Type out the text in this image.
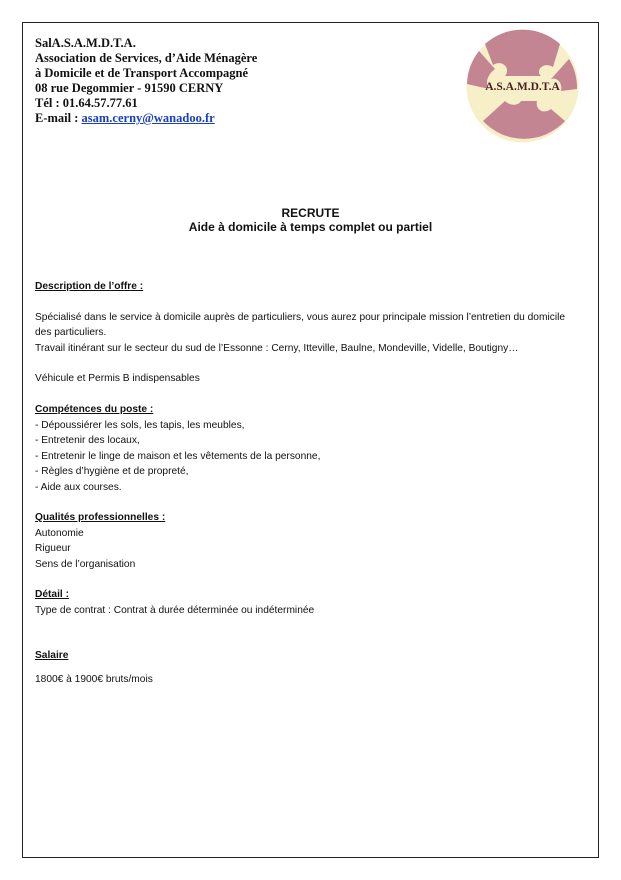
SalA.S.A.M.D.T.A.
Association de Services, d’Aide Ménagère
à Domicile et de Transport Accompagné
08 rue Degommier - 91590 CERNY
Tél : 01.64.57.77.61
E-mail : asam.cerny@wanadoo.fr
A.S.A.M.D.T.A
RECRUTE
Aide à domicile à temps complet ou partiel
Description de l’offre :
Spécialisé dans le service à domicile auprès de particuliers, vous aurez pour principale mission l’entretien du domicile
des particuliers.
Travail itinérant sur le secteur du sud de l’Essonne : Cerny, Itteville, Baulne, Mondeville, Videlle, Boutigny…
Véhicule et Permis B indispensables
Compétences du poste :
- Dépoussiérer les sols, les tapis, les meubles,
- Entretenir des locaux,
- Entretenir le linge de maison et les vêtements de la personne,
- Règles d’hygiène et de propreté,
- Aide aux courses.
Qualités professionnelles :
Autonomie
Rigueur
Sens de l’organisation
Détail :
Type de contrat : Contrat à durée déterminée ou indéterminée
Salaire
1800€ à 1900€ bruts/mois
